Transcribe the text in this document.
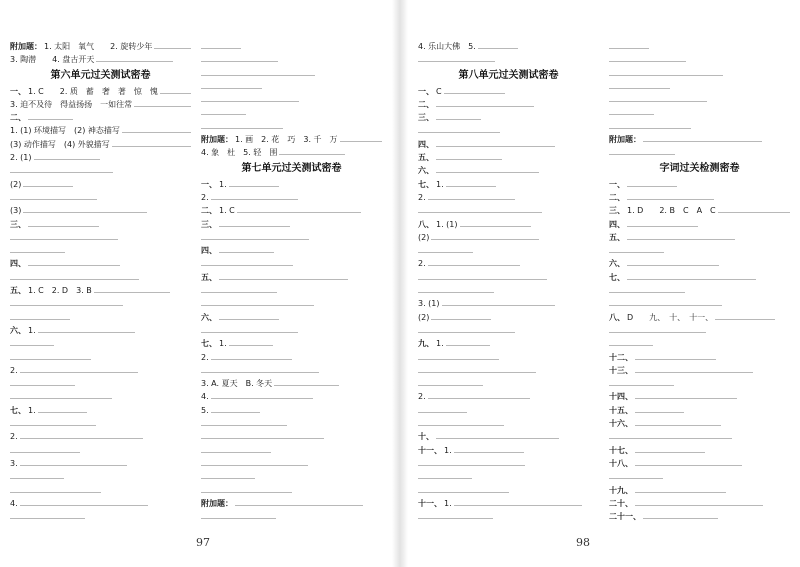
附加题： 1. 太阳　氧气　　2. 旋转少年
3. 陶潜　　4. 盘古开天
第六单元过关测试密卷
一、 1. C　　2. 质　蓄　奢　著　惊　愧
3. 迫不及待　得益扬扬　一如往常
二、
1. (1) 环境描写　(2) 神态描写
(3) 动作描写　(4) 外貌描写
2. (1)
(2)
(3)
三、
四、
五、 1. C　2. D　3. B
六、 1.
2.
七、 1.
2.
3.
4.
附加题： 1. 画　2. 花　巧　3. 千　万
4. 象　杜　5. 轻　围
第七单元过关测试密卷
一、 1.
2.
二、 1. C
三、
四、
五、
六、
七、 1.
2.
3. A. 夏天　B. 冬天
4.
5.
附加题：
97
4. 乐山大佛　5.
第八单元过关测试密卷
一、 C
二、
三、
四、
五、
六、
七、 1.
2.
八、 1. (1)
(2)
2.
3. (1)
(2)
九、 1.
2.
十、
十一、 1.
十一、 1.
附加题：
字词过关检测密卷
一、
二、
三、 1. D　　2. B　C　A　C
四、
五、
六、
七、
八、 D　　九、　十、　十一、
十二、
十三、
十四、
十五、
十六、
十七、
十八、
十九、
二十、
二十一、
98
